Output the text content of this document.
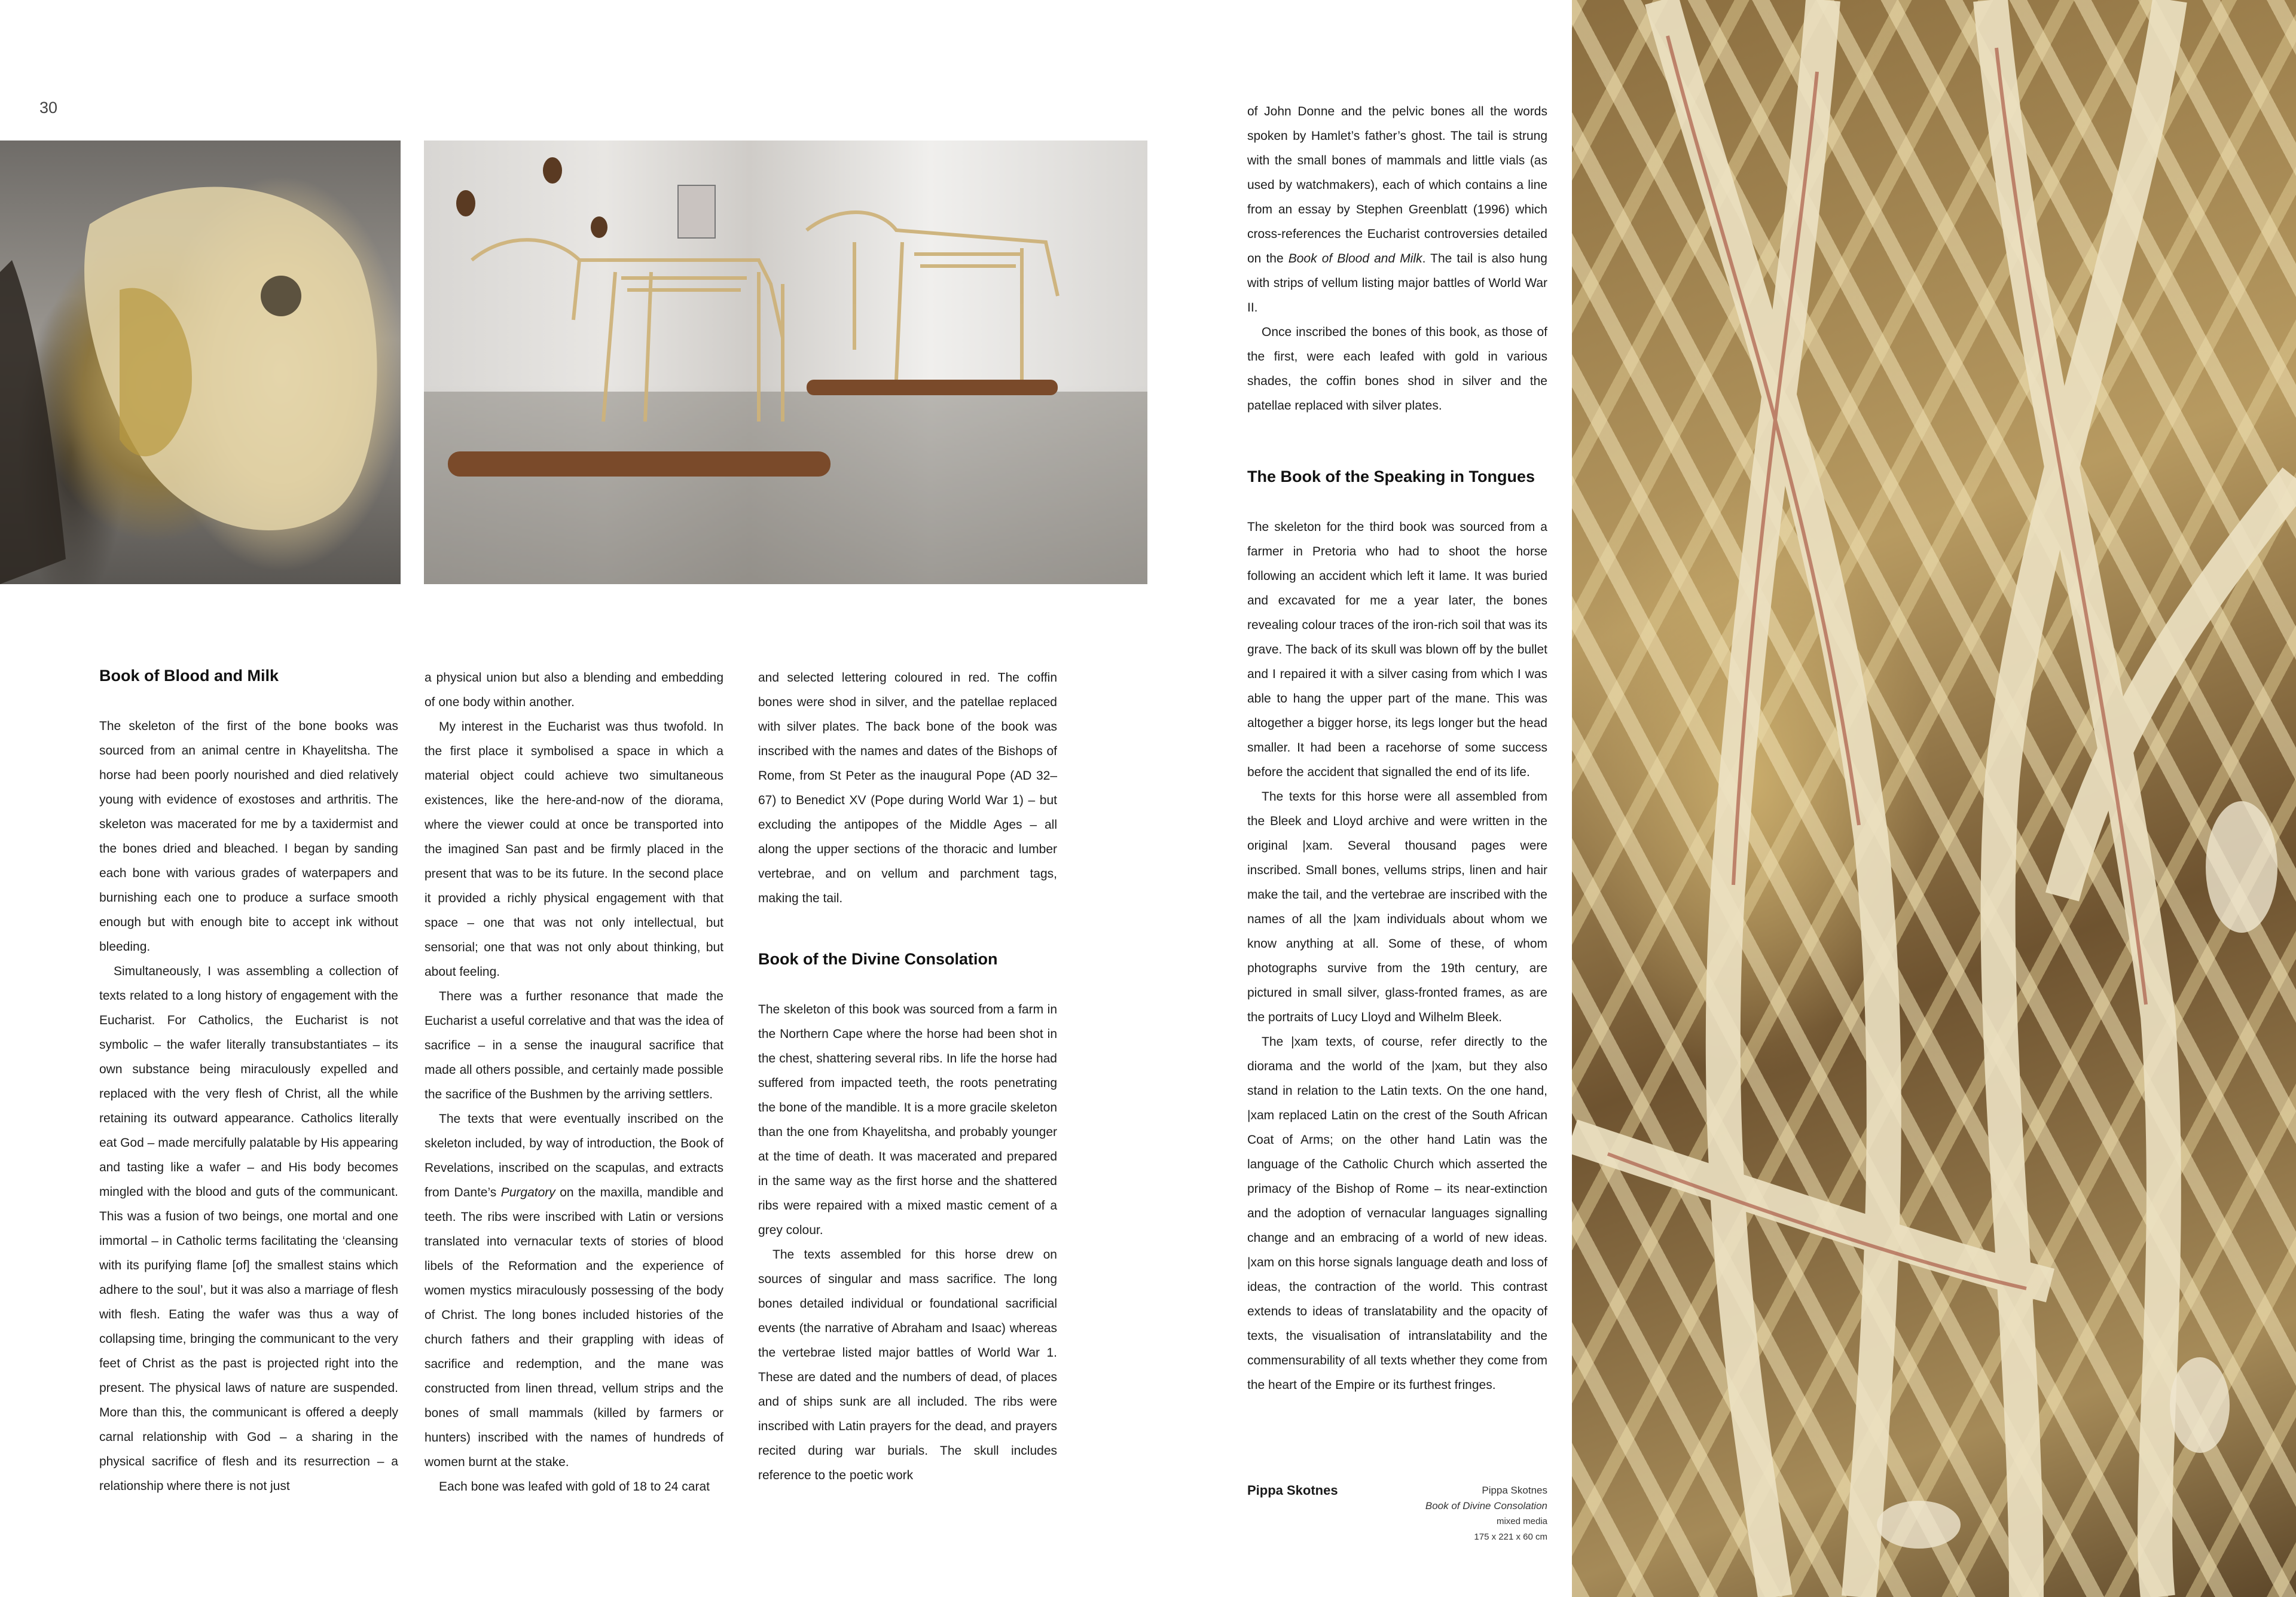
30
Book of Blood and Milk

The skeleton of the first of the bone books was sourced from an animal centre in Khayelitsha. The horse had been poorly nourished and died relatively young with evidence of exostoses and arthritis. The skeleton was macerated for me by a taxidermist and the bones dried and bleached. I began by sanding each bone with various grades of waterpapers and burnishing each one to produce a surface smooth enough but with enough bite to accept ink without bleeding.

Simultaneously, I was assembling a collection of texts related to a long history of engagement with the Eucharist. For Catholics, the Eucharist is not symbolic – the wafer literally transubstantiates – its own substance being miraculously expelled and replaced with the very flesh of Christ, all the while retaining its outward appearance. Catholics literally eat God – made mercifully palatable by His appearing and tasting like a wafer – and His body becomes mingled with the blood and guts of the communicant. This was a fusion of two beings, one mortal and one immortal – in Catholic terms facilitating the ‘cleansing with its purifying flame [of] the smallest stains which adhere to the soul’, but it was also a marriage of flesh with flesh. Eating the wafer was thus a way of collapsing time, bringing the communicant to the very feet of Christ as the past is projected right into the present. The physical laws of nature are suspended. More than this, the communicant is offered a deeply carnal relationship with God – a sharing in the physical sacrifice of flesh and its resurrection – a relationship where there is not just

a physical union but also a blending and embedding of one body within another.

My interest in the Eucharist was thus twofold. In the first place it symbolised a space in which a material object could achieve two simultaneous existences, like the here-and-now of the diorama, where the viewer could at once be transported into the imagined San past and be firmly placed in the present that was to be its future. In the second place it provided a richly physical engagement with that space – one that was not only intellectual, but sensorial; one that was not only about thinking, but about feeling.

There was a further resonance that made the Eucharist a useful correlative and that was the idea of sacrifice – in a sense the inaugural sacrifice that made all others possible, and certainly made possible the sacrifice of the Bushmen by the arriving settlers.

The texts that were eventually inscribed on the skeleton included, by way of introduction, the Book of Revelations, inscribed on the scapulas, and extracts from Dante’s Purgatory on the maxilla, mandible and teeth. The ribs were inscribed with Latin or versions translated into vernacular texts of stories of blood libels of the Reformation and the experience of women mystics miraculously possessing of the body of Christ. The long bones included histories of the church fathers and their grappling with ideas of sacrifice and redemption, and the mane was constructed from linen thread, vellum strips and the bones of small mammals (killed by farmers or hunters) inscribed with the names of hundreds of women burnt at the stake.

Each bone was leafed with gold of 18 to 24 carat

and selected lettering coloured in red. The coffin bones were shod in silver, and the patellae replaced with silver plates. The back bone of the book was inscribed with the names and dates of the Bishops of Rome, from St Peter as the inaugural Pope (AD 32–67) to Benedict XV (Pope during World War 1) – but excluding the antipopes of the Middle Ages – all along the upper sections of the thoracic and lumber vertebrae, and on vellum and parchment tags, making the tail.

Book of the Divine Consolation

The skeleton of this book was sourced from a farm in the Northern Cape where the horse had been shot in the chest, shattering several ribs. In life the horse had suffered from impacted teeth, the roots penetrating the bone of the mandible. It is a more gracile skeleton than the one from Khayelitsha, and probably younger at the time of death. It was macerated and prepared in the same way as the first horse and the shattered ribs were repaired with a mixed mastic cement of a grey colour.

The texts assembled for this horse drew on sources of singular and mass sacrifice. The long bones detailed individual or foundational sacrificial events (the narrative of Abraham and Isaac) whereas the vertebrae listed major battles of World War 1. These are dated and the numbers of dead, of places and of ships sunk are all included. The ribs were inscribed with Latin prayers for the dead, and prayers recited during war burials. The skull includes reference to the poetic work

of John Donne and the pelvic bones all the words spoken by Hamlet’s father’s ghost. The tail is strung with the small bones of mammals and little vials (as used by watchmakers), each of which contains a line from an essay by Stephen Greenblatt (1996) which cross-references the Eucharist controversies detailed on the Book of Blood and Milk. The tail is also hung with strips of vellum listing major battles of World War II.

Once inscribed the bones of this book, as those of the first, were each leafed with gold in various shades, the coffin bones shod in silver and the patellae replaced with silver plates.

The Book of the Speaking in Tongues

The skeleton for the third book was sourced from a farmer in Pretoria who had to shoot the horse following an accident which left it lame. It was buried and excavated for me a year later, the bones revealing colour traces of the iron-rich soil that was its grave. The back of its skull was blown off by the bullet and I repaired it with a silver casing from which I was able to hang the upper part of the mane. This was altogether a bigger horse, its legs longer but the head smaller. It had been a racehorse of some success before the accident that signalled the end of its life.

The texts for this horse were all assembled from the Bleek and Lloyd archive and were written in the original |xam. Several thousand pages were inscribed. Small bones, vellums strips, linen and hair make the tail, and the vertebrae are inscribed with the names of all the |xam individuals about whom we know anything at all. Some of these, of whom photographs survive from the 19th century, are pictured in small silver, glass-fronted frames, as are the portraits of Lucy Lloyd and Wilhelm Bleek.

The |xam texts, of course, refer directly to the diorama and the world of the |xam, but they also stand in relation to the Latin texts. On the one hand, |xam replaced Latin on the crest of the South African Coat of Arms; on the other hand Latin was the language of the Catholic Church which asserted the primacy of the Bishop of Rome – its near-extinction and the adoption of vernacular languages signalling change and an embracing of a world of new ideas. |xam on this horse signals language death and loss of ideas, the contraction of the world. This contrast extends to ideas of translatability and the opacity of texts, the visualisation of intranslatability and the commensurability of all texts whether they come from the heart of the Empire or its furthest fringes.

Pippa Skotnes	Pippa Skotnes
Book of Divine Consolation
mixed media
175 x 221 x 60 cm
